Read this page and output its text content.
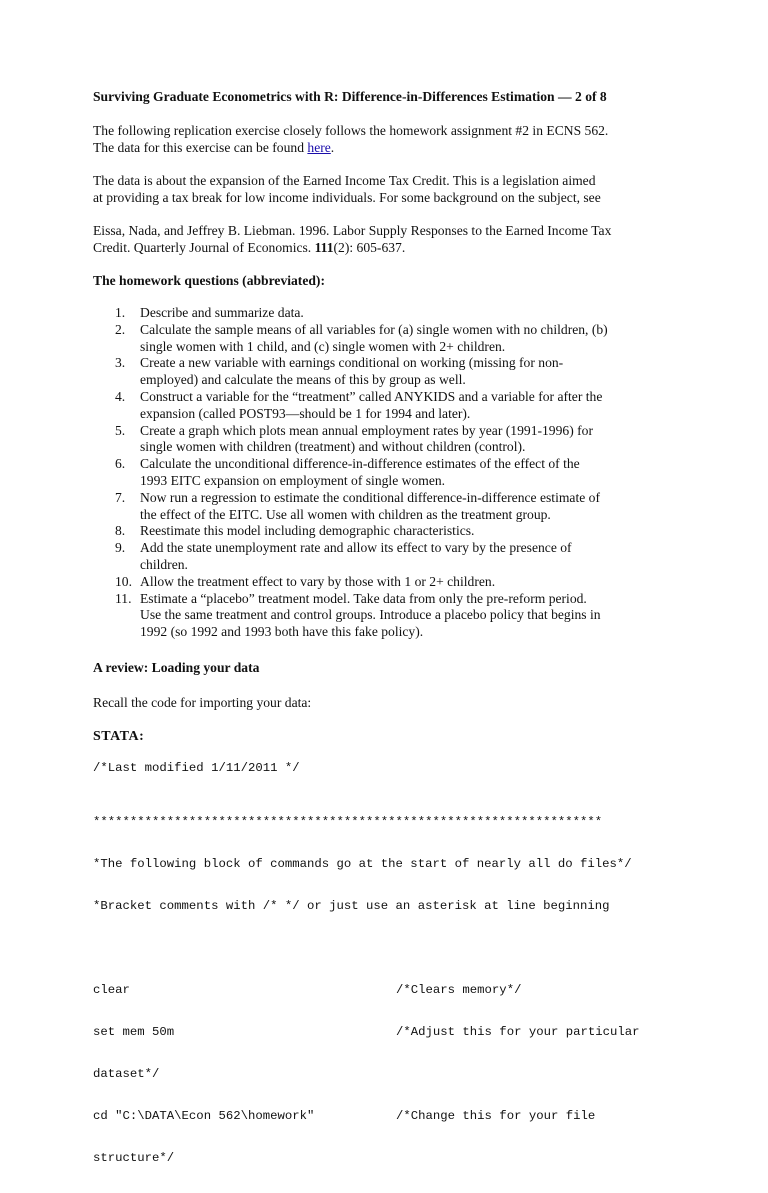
Surviving Graduate Econometrics with R: Difference-in-Differences Estimation — 2 of 8
The following replication exercise closely follows the homework assignment #2 in ECNS 562.
The data for this exercise can be found here.
The data is about the expansion of the Earned Income Tax Credit. This is a legislation aimed
at providing a tax break for low income individuals. For some background on the subject, see
Eissa, Nada, and Jeffrey B. Liebman. 1996. Labor Supply Responses to the Earned Income Tax
Credit. Quarterly Journal of Economics. 111(2): 605-637.
The homework questions (abbreviated):
1.	Describe and summarize data.
2.	Calculate the sample means of all variables for (a) single women with no children, (b)
single women with 1 child, and (c) single women with 2+ children.
3.	Create a new variable with earnings conditional on working (missing for non-
employed) and calculate the means of this by group as well.
4.	Construct a variable for the “treatment” called ANYKIDS and a variable for after the
expansion (called POST93—should be 1 for 1994 and later).
5.	Create a graph which plots mean annual employment rates by year (1991-1996) for
single women with children (treatment) and without children (control).
6.	Calculate the unconditional difference-in-difference estimates of the effect of the
1993 EITC expansion on employment of single women.
7.	Now run a regression to estimate the conditional difference-in-difference estimate of
the effect of the EITC. Use all women with children as the treatment group.
8.	Reestimate this model including demographic characteristics.
9.	Add the state unemployment rate and allow its effect to vary by the presence of
children.
10. Allow the treatment effect to vary by those with 1 or 2+ children.
11. Estimate a “placebo” treatment model. Take data from only the pre-reform period.
Use the same treatment and control groups. Introduce a placebo policy that begins in
1992 (so 1992 and 1993 both have this fake policy).
A review: Loading your data
Recall the code for importing your data:
STATA:
/*Last modified 1/11/2011 */

*********************************************************************

*The following block of commands go at the start of nearly all do files*/

*Bracket comments with /* */ or just use an asterisk at line beginning

clear	/*Clears memory*/

set mem 50m	/*Adjust this for your particular

dataset*/

cd "C:\DATA\Econ 562\homework"	/*Change this for your file

structure*/
